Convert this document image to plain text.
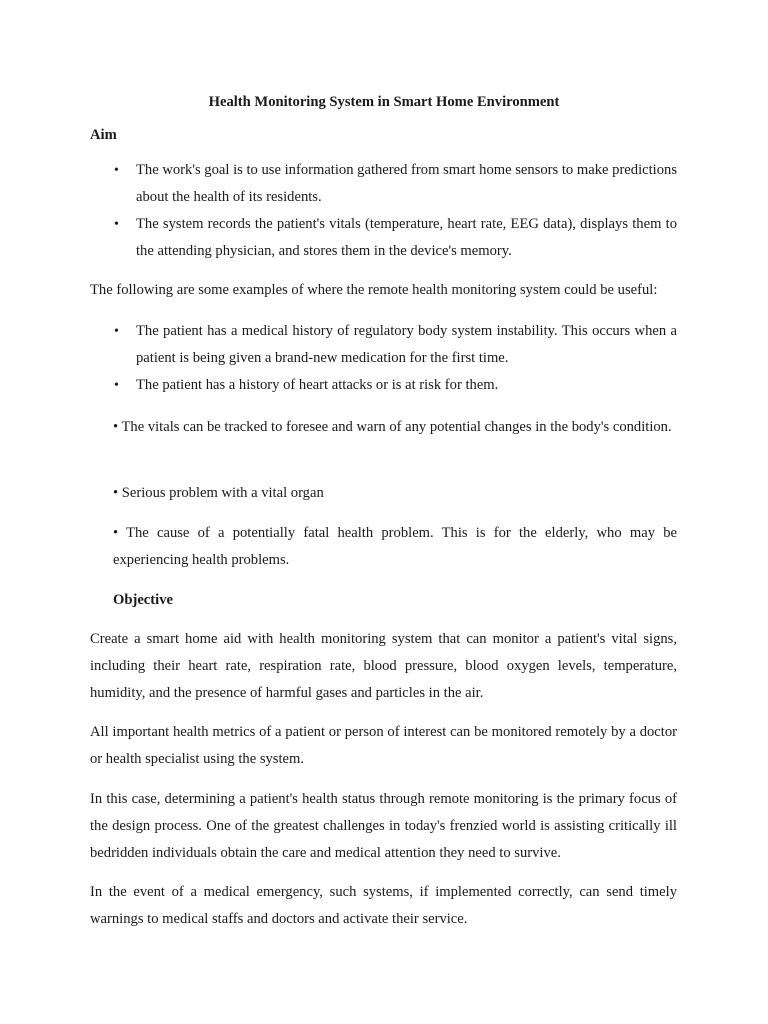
Health Monitoring System in Smart Home Environment

Aim

• The work's goal is to use information gathered from smart home sensors to make predictions about the health of its residents.
• The system records the patient's vitals (temperature, heart rate, EEG data), displays them to the attending physician, and stores them in the device's memory.

The following are some examples of where the remote health monitoring system could be useful:

• The patient has a medical history of regulatory body system instability. This occurs when a patient is being given a brand-new medication for the first time.
• The patient has a history of heart attacks or is at risk for them.

• The vitals can be tracked to foresee and warn of any potential changes in the body's condition.

• Serious problem with a vital organ

• The cause of a potentially fatal health problem. This is for the elderly, who may be experiencing health problems.

Objective

Create a smart home aid with health monitoring system that can monitor a patient's vital signs, including their heart rate, respiration rate, blood pressure, blood oxygen levels, temperature, humidity, and the presence of harmful gases and particles in the air.

All important health metrics of a patient or person of interest can be monitored remotely by a doctor or health specialist using the system.

In this case, determining a patient's health status through remote monitoring is the primary focus of the design process. One of the greatest challenges in today's frenzied world is assisting critically ill bedridden individuals obtain the care and medical attention they need to survive.

In the event of a medical emergency, such systems, if implemented correctly, can send timely warnings to medical staffs and doctors and activate their service.
